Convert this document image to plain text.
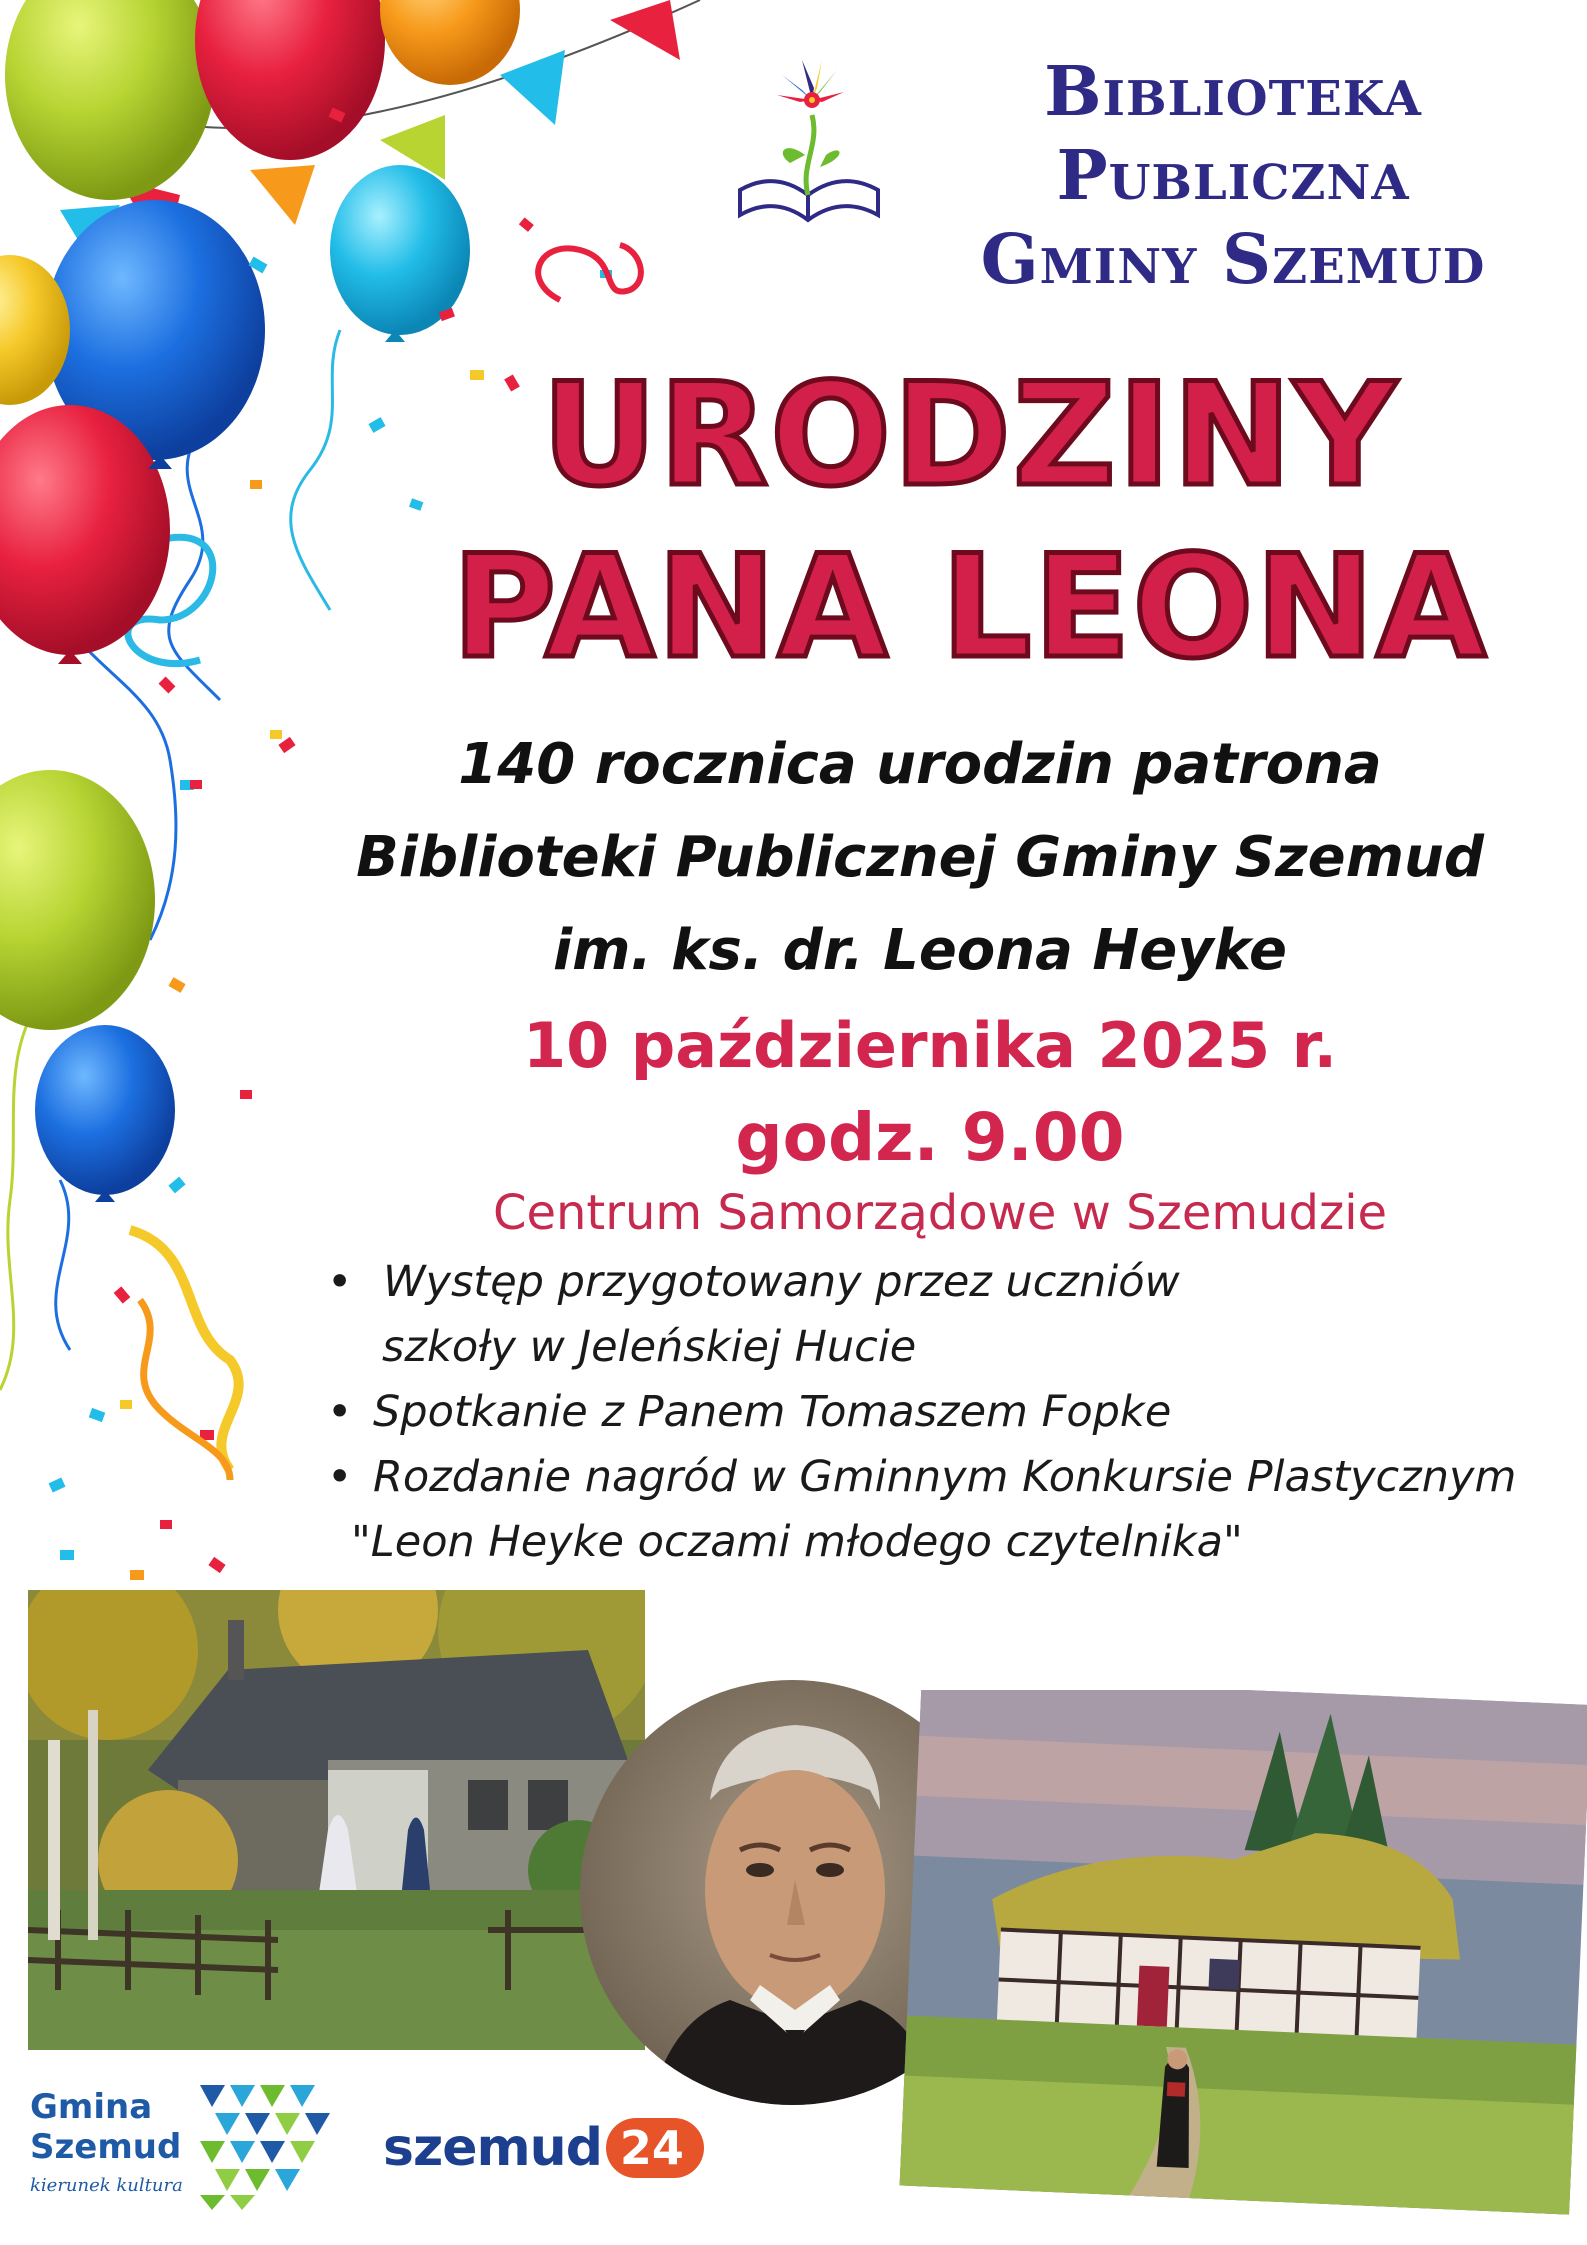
Biblioteka Publiczna
Gminy Szemud
URODZINY
PANA LEONA
140 rocznica urodzin patrona
Biblioteki Publicznej Gminy Szemud
im. ks. dr. Leona Heyke
10 października 2025 r.
godz. 9.00
Centrum Samorządowe w Szemudzie
• Występ przygotowany przez uczniów
szkoły w Jeleńskiej Hucie
• Spotkanie z Panem Tomaszem Fopke
• Rozdanie nagród w Gminnym Konkursie Plastycznym
"Leon Heyke oczami młodego czytelnika"
Gmina
Szemud
kierunek kultura
szemud 24
